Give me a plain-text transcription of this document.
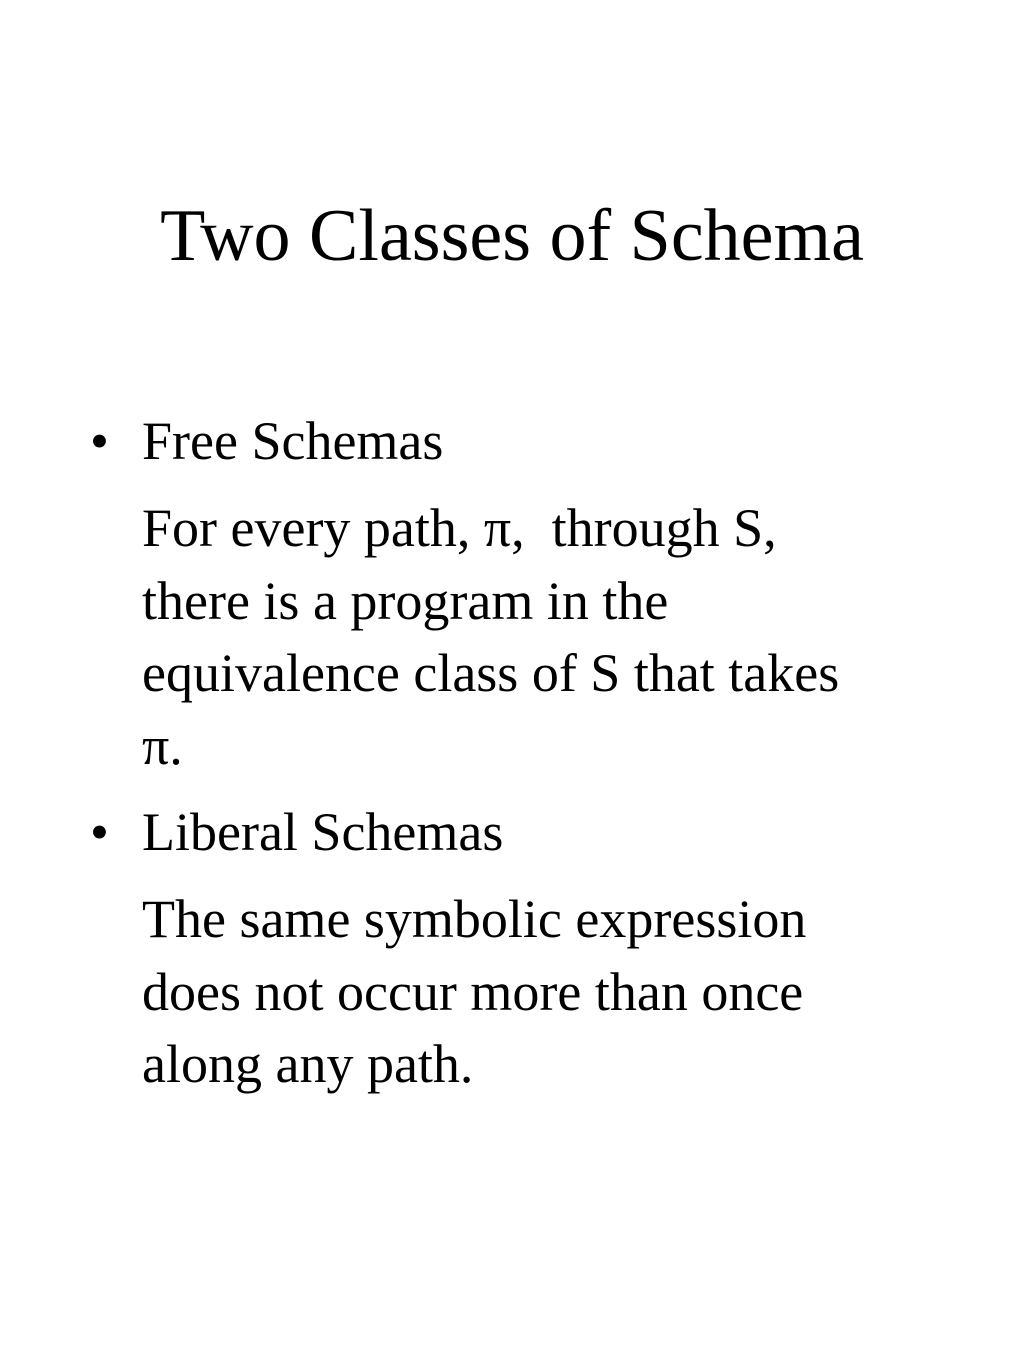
Two Classes of Schema
• Free Schemas
For every path, π,  through S,
there is a program in the
equivalence class of S that takes
π.
• Liberal Schemas
The same symbolic expression
does not occur more than once
along any path.
